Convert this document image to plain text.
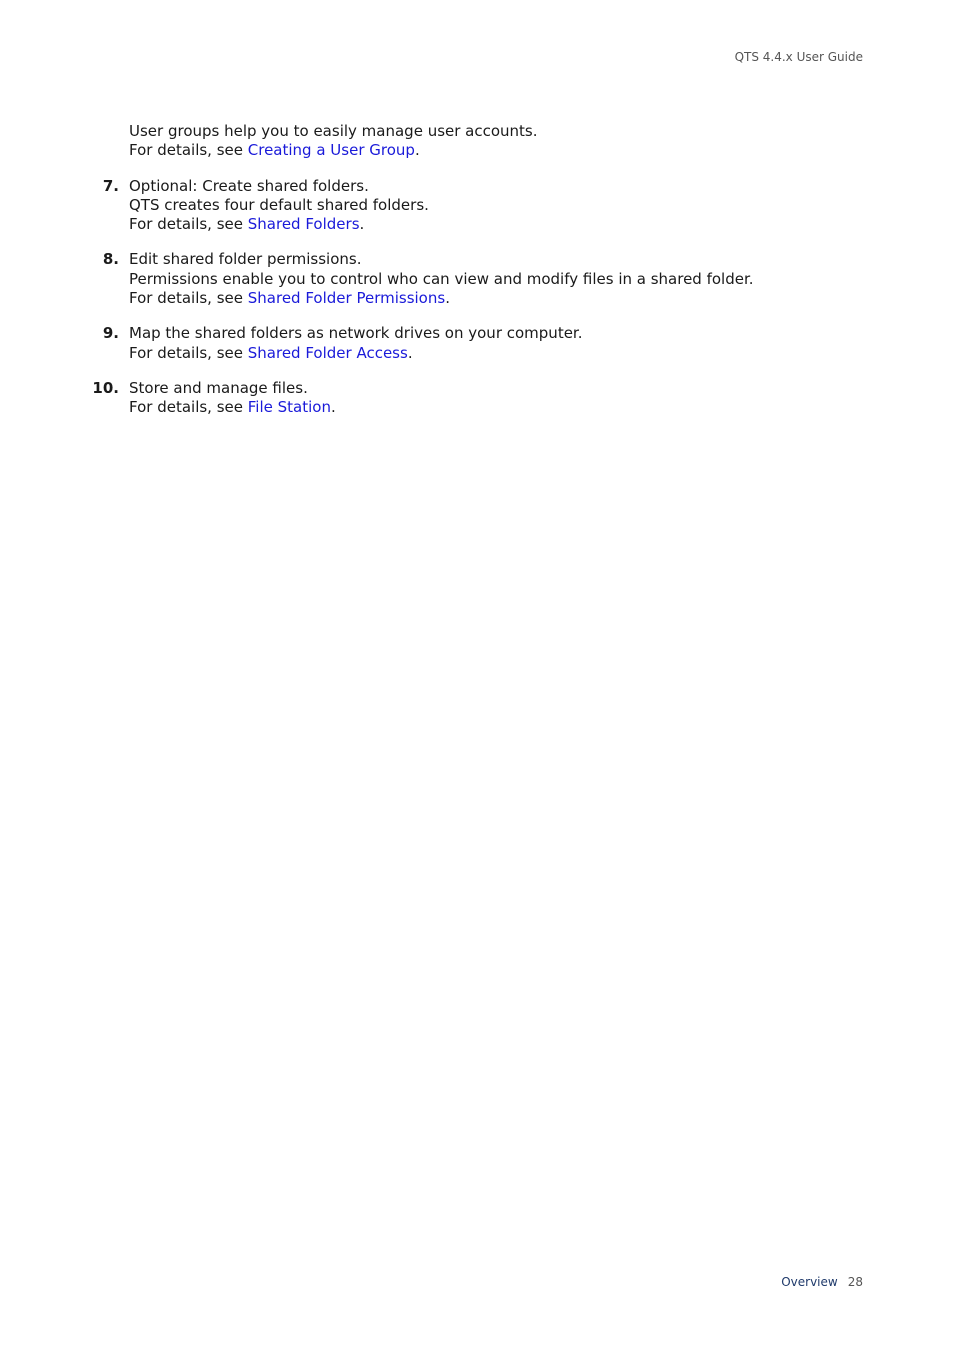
QTS 4.4.x User Guide
User groups help you to easily manage user accounts.
For details, see Creating a User Group.
7. Optional: Create shared folders.
QTS creates four default shared folders.
For details, see Shared Folders.
8. Edit shared folder permissions.
Permissions enable you to control who can view and modify files in a shared folder.
For details, see Shared Folder Permissions.
9. Map the shared folders as network drives on your computer.
For details, see Shared Folder Access.
10. Store and manage files.
For details, see File Station.
Overview 28
